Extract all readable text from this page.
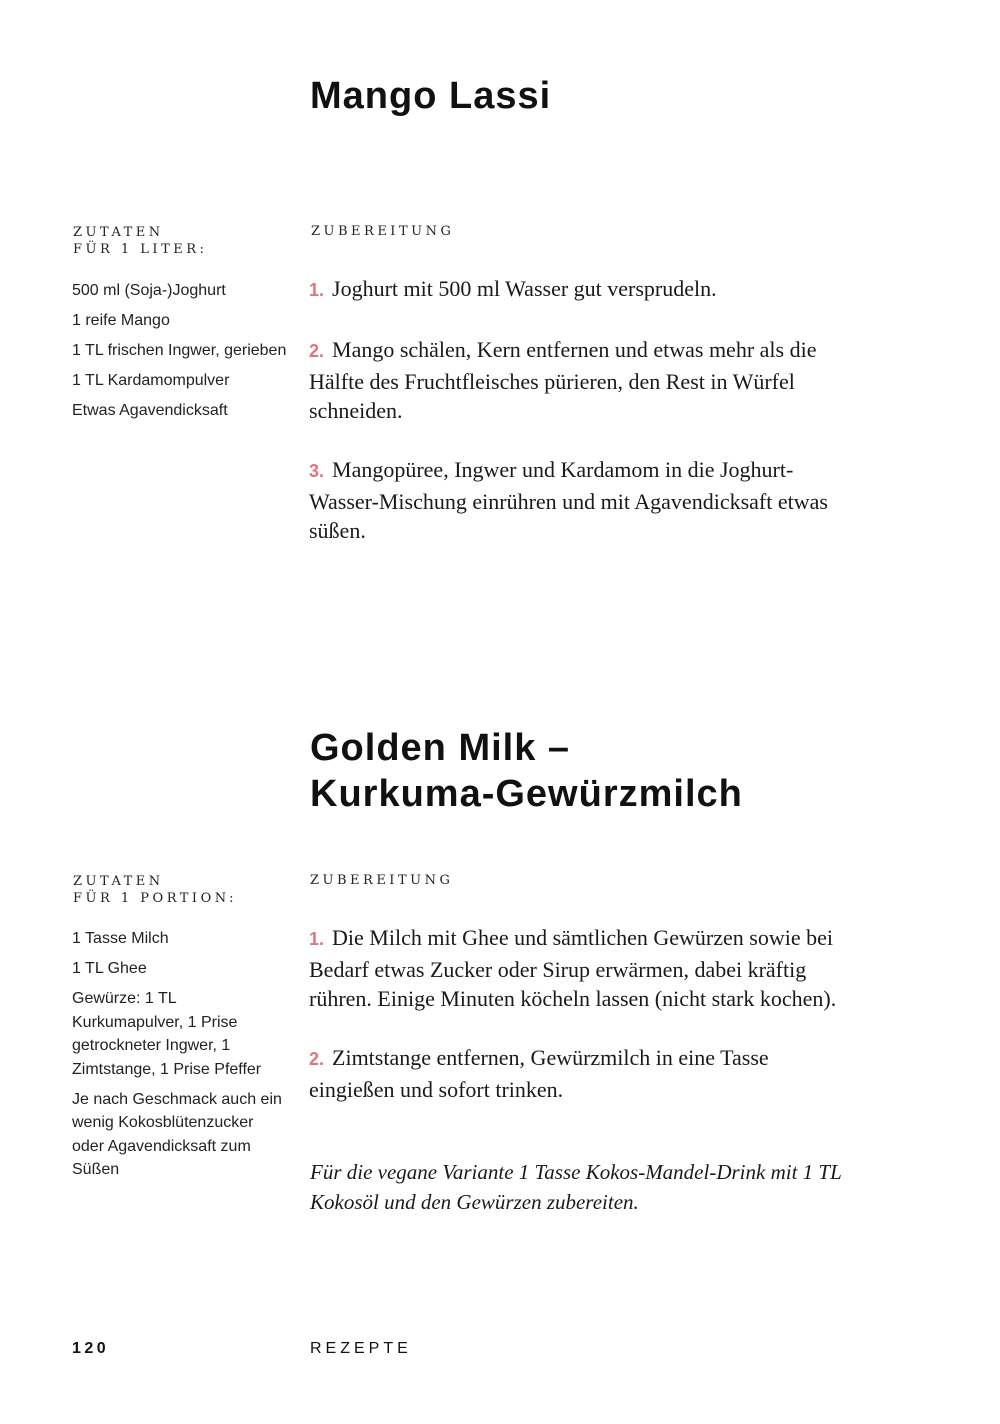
Mango Lassi
ZUTATEN
FÜR 1 LITER:
500 ml (Soja-)Joghurt
1 reife Mango
1 TL frischen Ingwer, gerieben
1 TL Kardamompulver
Etwas Agavendicksaft
ZUBEREITUNG

1. Joghurt mit 500 ml Wasser gut versprudeln.

2. Mango schälen, Kern entfernen und etwas mehr als die Hälfte des Fruchtfleisches pürieren, den Rest in Würfel schneiden.

3. Mangopüree, Ingwer und Kardamom in die Joghurt-Wasser-Mischung einrühren und mit Agavendicksaft etwas süßen.

Golden Milk –
Kurkuma-Gewürzmilch
ZUTATEN
FÜR 1 PORTION:
1 Tasse Milch
1 TL Ghee
Gewürze: 1 TL Kurkumapulver, 1 Prise getrockneter Ingwer, 1 Zimtstange, 1 Prise Pfeffer
Je nach Geschmack auch ein wenig Kokosblütenzucker oder Agavendicksaft zum Süßen
ZUBEREITUNG

1. Die Milch mit Ghee und sämtlichen Gewürzen sowie bei Bedarf etwas Zucker oder Sirup erwärmen, dabei kräftig rühren. Einige Minuten köcheln lassen (nicht stark kochen).

2. Zimtstange entfernen, Gewürzmilch in eine Tasse eingießen und sofort trinken.

Für die vegane Variante 1 Tasse Kokos-Mandel-Drink mit 1 TL Kokosöl und den Gewürzen zubereiten.

120	REZEPTE
